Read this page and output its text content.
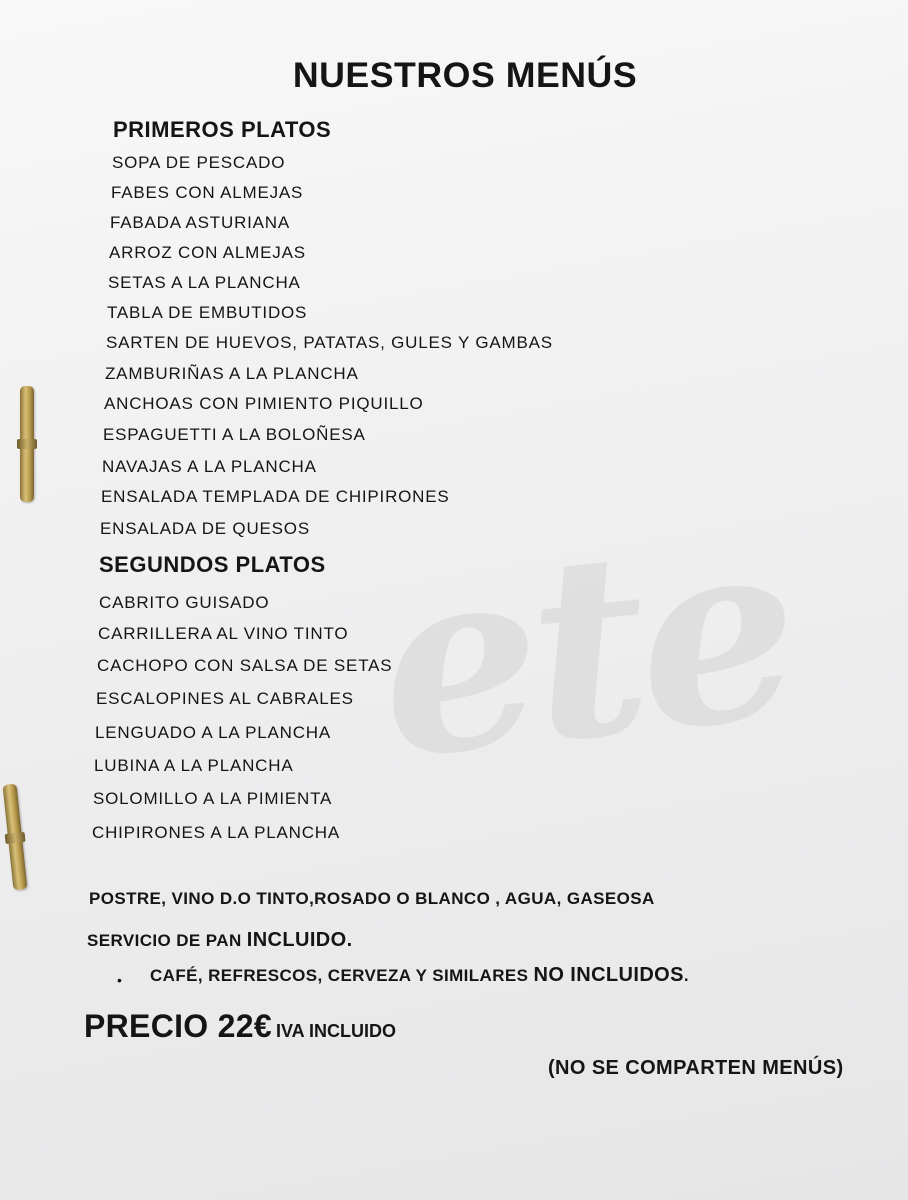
ete
NUESTROS MENÚS
PRIMEROS PLATOS
SOPA DE PESCADO
FABES CON ALMEJAS
FABADA ASTURIANA
ARROZ CON ALMEJAS
SETAS A LA PLANCHA
TABLA DE EMBUTIDOS
SARTEN DE HUEVOS, PATATAS, GULES Y GAMBAS
ZAMBURIÑAS A LA PLANCHA
ANCHOAS CON PIMIENTO PIQUILLO
ESPAGUETTI A LA BOLOÑESA
NAVAJAS A LA PLANCHA
ENSALADA TEMPLADA DE CHIPIRONES
ENSALADA DE QUESOS
SEGUNDOS PLATOS
CABRITO GUISADO
CARRILLERA AL VINO TINTO
CACHOPO CON SALSA DE SETAS
ESCALOPINES AL CABRALES
LENGUADO A LA PLANCHA
LUBINA A LA PLANCHA
SOLOMILLO A LA PIMIENTA
CHIPIRONES A LA PLANCHA
POSTRE, VINO D.O TINTO,ROSADO O BLANCO , AGUA, GASEOSA
SERVICIO DE PAN INCLUIDO.
• CAFÉ, REFRESCOS, CERVEZA Y SIMILARES NO INCLUIDOS.
PRECIO 22€ IVA INCLUIDO
(NO SE COMPARTEN MENÚS)
